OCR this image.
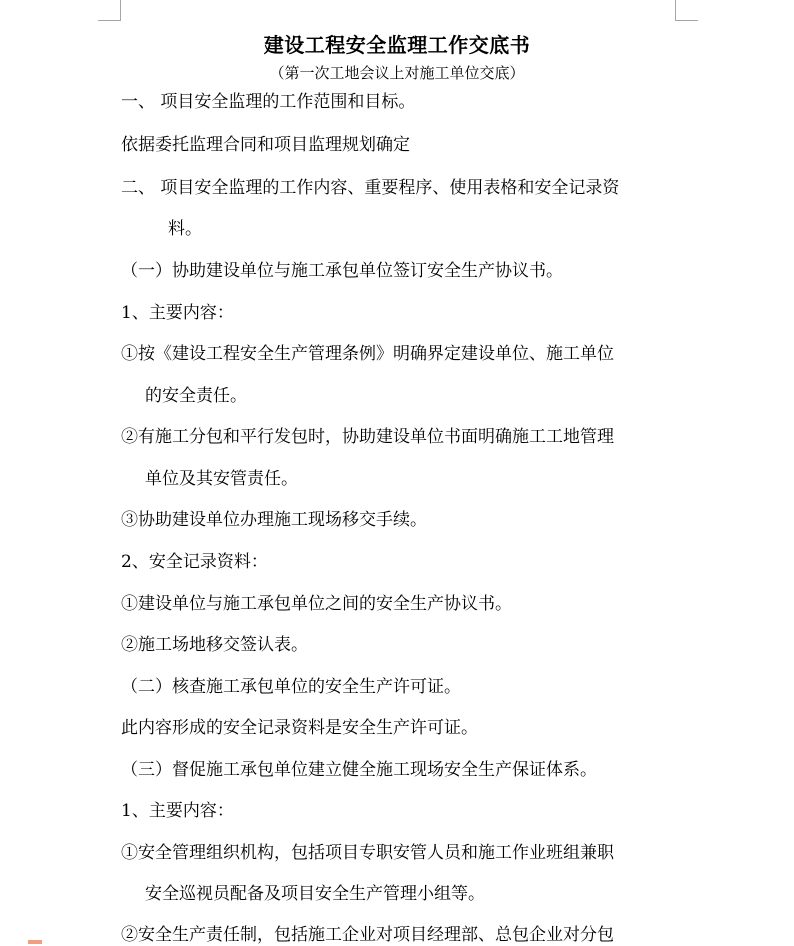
建设工程安全监理工作交底书
（第一次工地会议上对施工单位交底）
一、 项目安全监理的工作范围和目标。
依据委托监理合同和项目监理规划确定
二、 项目安全监理的工作内容、重要程序、使用表格和安全记录资
料。
（一）协助建设单位与施工承包单位签订安全生产协议书。
1、主要内容：
①按《建设工程安全生产管理条例》明确界定建设单位、施工单位
的安全责任。
②有施工分包和平行发包时，协助建设单位书面明确施工工地管理
单位及其安管责任。
③协助建设单位办理施工现场移交手续。
2、安全记录资料：
①建设单位与施工承包单位之间的安全生产协议书。
②施工场地移交签认表。
（二）核查施工承包单位的安全生产许可证。
此内容形成的安全记录资料是安全生产许可证。
（三）督促施工承包单位建立健全施工现场安全生产保证体系。
1、主要内容：
①安全管理组织机构，包括项目专职安管人员和施工作业班组兼职
安全巡视员配备及项目安全生产管理小组等。
②安全生产责任制，包括施工企业对项目经理部、总包企业对分包
